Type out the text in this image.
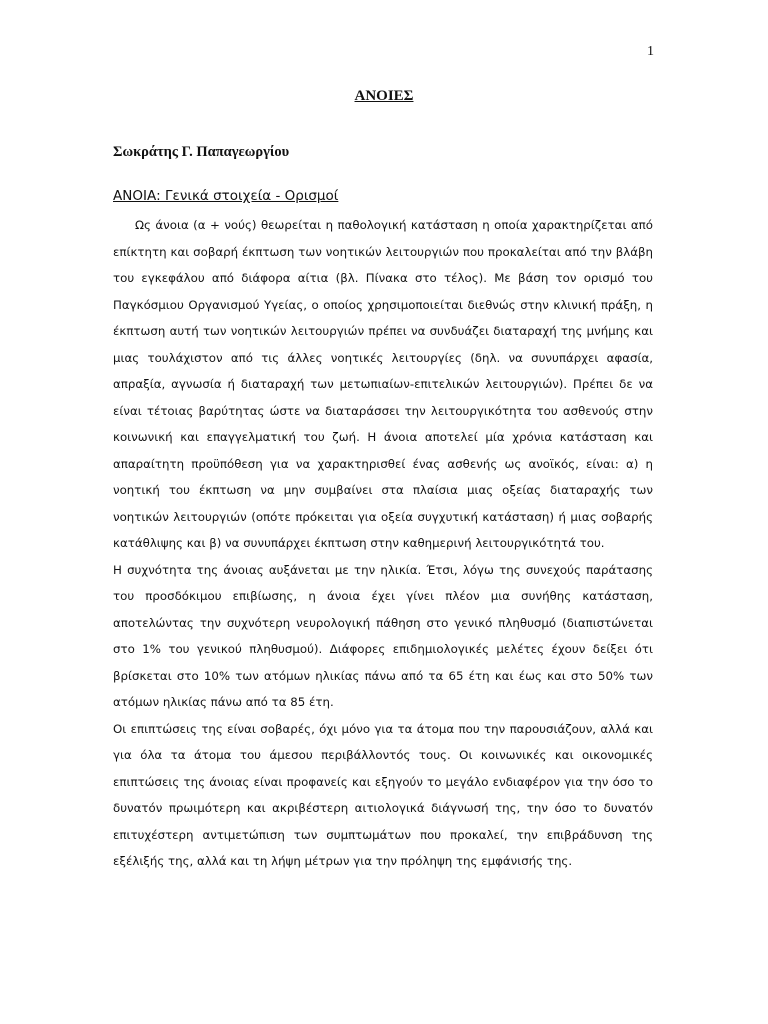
1
ΑΝΟΙΕΣ
Σωκράτης Γ. Παπαγεωργίου
ΑΝΟΙΑ: Γενικά στοιχεία - Ορισμοί

Ως άνοια (α + νούς) θεωρείται η παθολογική κατάσταση η οποία χαρακτηρίζεται από επίκτητη και σοβαρή έκπτωση των νοητικών λειτουργιών που προκαλείται από την βλάβη του εγκεφάλου από διάφορα αίτια (βλ. Πίνακα στο τέλος). Με βάση τον ορισμό του Παγκόσμιου Οργανισμού Υγείας, ο οποίος χρησιμοποιείται διεθνώς στην κλινική πράξη, η έκπτωση αυτή των νοητικών λειτουργιών πρέπει να συνδυάζει διαταραχή της μνήμης και μιας τουλάχιστον από τις άλλες νοητικές λειτουργίες (δηλ. να συνυπάρχει αφασία, απραξία, αγνωσία ή διαταραχή των μετωπιαίων-επιτελικών λειτουργιών). Πρέπει δε να είναι τέτοιας βαρύτητας ώστε να διαταράσσει την λειτουργικότητα του ασθενούς στην κοινωνική και επαγγελματική του ζωή. Η άνοια αποτελεί μία χρόνια κατάσταση και απαραίτητη προϋπόθεση για να χαρακτηρισθεί ένας ασθενής ως ανοϊκός, είναι: α) η νοητική του έκπτωση να μην συμβαίνει στα πλαίσια μιας οξείας διαταραχής των νοητικών λειτουργιών (οπότε πρόκειται για οξεία συγχυτική κατάσταση) ή μιας σοβαρής κατάθλιψης και β) να συνυπάρχει έκπτωση στην καθημερινή λειτουργικότητά του.

Η συχνότητα της άνοιας αυξάνεται με την ηλικία. Έτσι, λόγω της συνεχούς παράτασης του προσδόκιμου επιβίωσης, η άνοια έχει γίνει πλέον μια συνήθης κατάσταση, αποτελώντας την συχνότερη νευρολογική πάθηση στο γενικό πληθυσμό (διαπιστώνεται στο 1% του γενικού πληθυσμού). Διάφορες επιδημιολογικές μελέτες έχουν δείξει ότι βρίσκεται στο 10% των ατόμων ηλικίας πάνω από τα 65 έτη και έως και στο 50% των ατόμων ηλικίας πάνω από τα 85 έτη.

Οι επιπτώσεις της είναι σοβαρές, όχι μόνο για τα άτομα που την παρουσιάζουν, αλλά και για όλα τα άτομα του άμεσου περιβάλλοντός τους. Οι κοινωνικές και οικονομικές επιπτώσεις της άνοιας είναι προφανείς και εξηγούν το μεγάλο ενδιαφέρον για την όσο το δυνατόν πρωιμότερη και ακριβέστερη αιτιολογικά διάγνωσή της, την όσο το δυνατόν επιτυχέστερη αντιμετώπιση των συμπτωμάτων που προκαλεί, την επιβράδυνση της εξέλιξής της, αλλά και τη λήψη μέτρων για την πρόληψη της εμφάνισής της.
